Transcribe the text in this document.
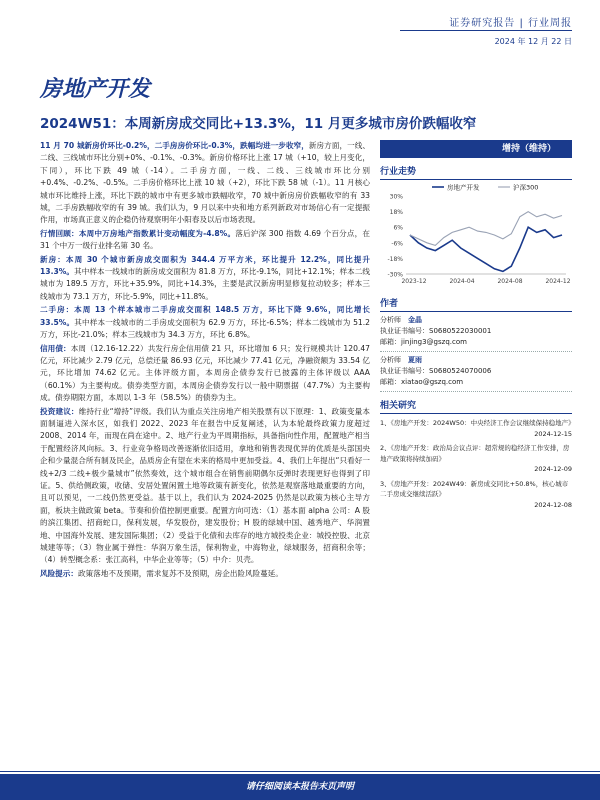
证券研究报告 | 行业周报
2024 年 12 月 22 日
房地产开发
2024W51：本周新房成交同比+13.3%，11 月更多城市房价跌幅收窄

11 月 70 城新房价环比-0.2%，二手房房价环比-0.3%，跌幅均进一步收窄，新房方面，一线、二线、三线城市环比分别+0%、-0.1%、-0.3%。新房价格环比上涨 17 城（+10，较上月变化，下同），环比下跌 49 城（-14）。二手房方面，一线、二线、三线城市环比分别+0.4%、-0.2%、-0.5%。二手房价格环比上涨 10 城（+2），环比下跌 58 城（-1）。11 月核心城市环比维持上涨，环比下跌的城市中有更多城市跌幅收窄，70 城中新房房价跌幅收窄的有 33 城，二手房跌幅收窄的有 39 城。我们认为，9 月以来中央和地方系列新政对市场信心有一定提振作用，市场真正意义的企稳仍待观察明年小阳春及以后市场表现。

行情回顾：本周中万房地产指数累计变动幅度为-4.8%。落后沪深 300 指数 4.69 个百分点，在 31 个中万一级行业排名第 30 名。

新房：本周 30 个城市新房成交面积为 344.4 万平方米，环比提升 12.2%，同比提升 13.3%。其中样本一线城市的新房成交面积为 81.8 万方，环比-9.1%，同比+12.1%；样本二线城市为 189.5 万方，环比+35.9%，同比+14.3%，主要是武汉新房明显修复拉动较多；样本三线城市为 73.1 万方，环比-5.9%，同比+11.8%。

二手房：本周 13 个样本城市二手房成交面积 148.5 万方，环比下降 9.6%，同比增长 33.5%。其中样本一线城市的二手房成交面积为 62.9 万方，环比-6.5%；样本二线城市为 51.2 万方，环比-21.0%；样本三线城市为 34.3 万方，环比 6.8%。

信用债：本周（12.16-12.22）共发行房企信用债 21 只，环比增加 6 只；发行规模共计 120.47 亿元，环比减少 2.79 亿元，总偿还量 86.93 亿元，环比减少 77.41 亿元，净融资额为 33.54 亿元，环比增加 74.62 亿元。主体评级方面，本周房企债券发行已披露的主体评级以 AAA（60.1%）为主要构成。债券类型方面，本周房企债券发行以一般中期票据（47.7%）为主要构成。债券期限方面，本周以 1-3 年（58.5%）的债券为主。

投资建议：维持行业“增持”评级。我们认为重点关注房地产相关股票有以下原理：1、政策变量本面制逼进入深水区，如我们 2022、2023 年在报告中反复阐述，认为本轮最终政策力度超过 2008、2014 年，而现在尚在途中。2、地产行业为平周期指标，具备指向性作用，配置地产相当于配置经济风向标。3、行业竞争格局改善逐渐依旧适用，拿地和销售表现优异的优质是头部国央企和少量混合所有制及民企，品质房企有望在未来的格局中更加受益。4、我们上年提出“只看好一线+2/3 二线+极少量城市”依然奏效，这个城市组合在销售前期偶尔反弹时表现更好也得到了印证。5、供给侧政策，收储、安居处置闲置土地等政策有新变化，依然是观察落地最重要的方向，且可以预见，一二线仍然更受益。基于以上，我们认为 2024-2025 仍然是以政策为核心主导方面，板块主做政策 beta。节奏和价值控制更重要。配置方向可选：（1）基本面 alpha 公司：A 股的滨江集团、招商蛇口，保利发展，华发股份，建发股份；H 股的绿城中国、越秀地产、华润置地、中国海外发展、建发国际集团；（2）受益于化债和去库存的地方城投类企业：城投控股、北京城建等等；（3）物业属于弹性：华润万象生活，保利物业，中海物业，绿城服务，招商积余等；（4）转型概念系：张江高科，中华企业等等；（5）中介：贝壳。

风险提示：政策落地不及预期，需求复苏不及预期，房企出险风险蔓延。

增持（维持）
行业走势
30%
18%
6%
-6%
-18%
-30%
2023-12	2024-04	2024-08	2024-12
房地产开发	沪深300
作者
分析师　 金晶
执业证书编号：S0680522030001
邮箱：jinjing3@gszq.com
分析师　 夏雨
执业证书编号：S0680524070006
邮箱：xiatao@gszq.com
相关研究
1、《房地产开发：2024W50：中央经济工作会议继续保持稳地产》
2024-12-15
2、《房地产开发：政治局会议点评：超常规的稳经济工作安排，房地产政策将持续加码》
2024-12-09
3、《房地产开发：2024W49：新房成交同比+50.8%，核心城市二手房成交继续活跃》
2024-12-08
请仔细阅读本报告末页声明
